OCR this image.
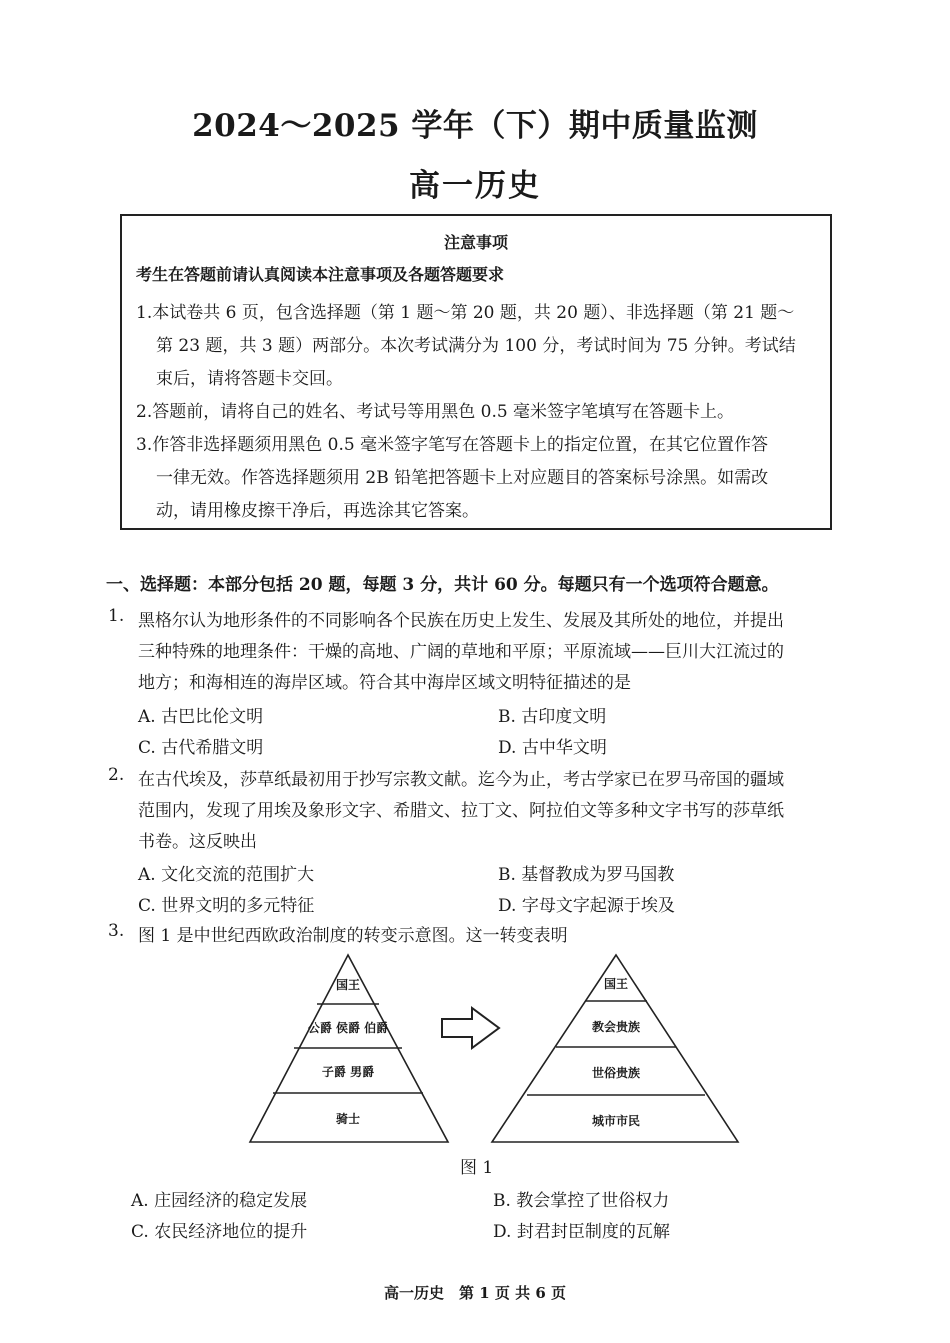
2024～2025 学年（下）期中质量监测
高一历史
注意事项
考生在答题前请认真阅读本注意事项及各题答题要求
1.本试卷共 6 页，包含选择题（第 1 题～第 20 题，共 20 题）、非选择题（第 21 题～
第 23 题，共 3 题）两部分。本次考试满分为 100 分，考试时间为 75 分钟。考试结
束后，请将答题卡交回。
2.答题前，请将自己的姓名、考试号等用黑色 0.5 毫米签字笔填写在答题卡上。
3.作答非选择题须用黑色 0.5 毫米签字笔写在答题卡上的指定位置，在其它位置作答
一律无效。作答选择题须用 2B 铅笔把答题卡上对应题目的答案标号涂黑。如需改
动，请用橡皮擦干净后，再选涂其它答案。
一、选择题：本部分包括 20 题，每题 3 分，共计 60 分。每题只有一个选项符合题意。
1. 黑格尔认为地形条件的不同影响各个民族在历史上发生、发展及其所处的地位，并提出
三种特殊的地理条件：干燥的高地、广阔的草地和平原；平原流域——巨川大江流过的
地方；和海相连的海岸区域。符合其中海岸区域文明特征描述的是
A. 古巴比伦文明	B. 古印度文明
C. 古代希腊文明	D. 古中华文明
2. 在古代埃及，莎草纸最初用于抄写宗教文献。迄今为止，考古学家已在罗马帝国的疆域
范围内，发现了用埃及象形文字、希腊文、拉丁文、阿拉伯文等多种文字书写的莎草纸
书卷。这反映出
A. 文化交流的范围扩大	B. 基督教成为罗马国教
C. 世界文明的多元特征	D. 字母文字起源于埃及
3. 图 1 是中世纪西欧政治制度的转变示意图。这一转变表明
国王
公爵 侯爵 伯爵
子爵 男爵
骑士
国王
教会贵族
世俗贵族
城市市民
图 1
A. 庄园经济的稳定发展	B. 教会掌控了世俗权力
C. 农民经济地位的提升	D. 封君封臣制度的瓦解
高一历史　第 1 页 共 6 页
